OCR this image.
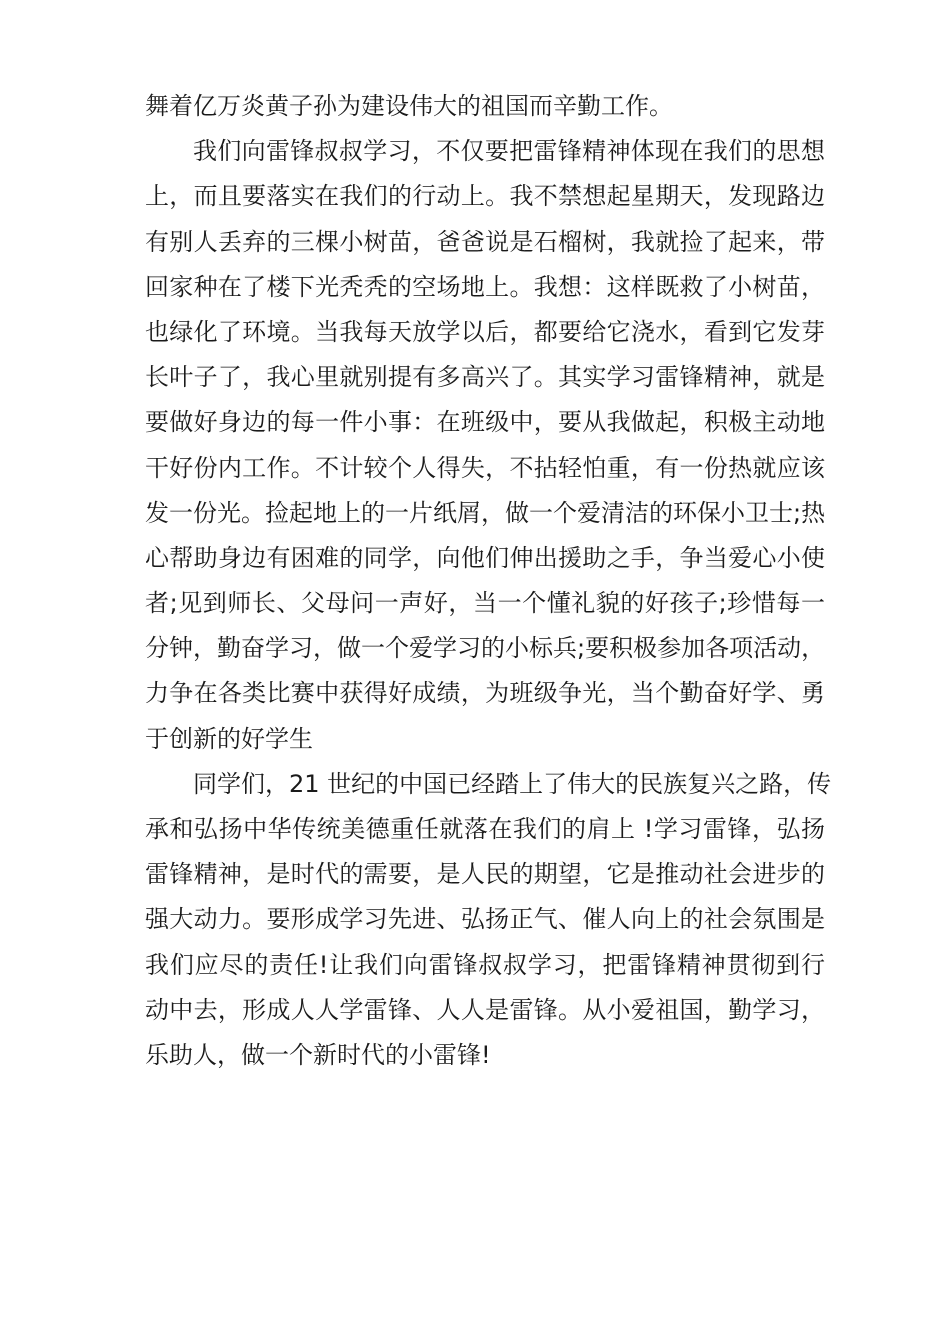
舞着亿万炎黄子孙为建设伟大的祖国而辛勤工作。
我们向雷锋叔叔学习，不仅要把雷锋精神体现在我们的思想
上，而且要落实在我们的行动上。我不禁想起星期天，发现路边
有别人丢弃的三棵小树苗，爸爸说是石榴树，我就捡了起来，带
回家种在了楼下光秃秃的空场地上。我想：这样既救了小树苗，
也绿化了环境。当我每天放学以后，都要给它浇水，看到它发芽
长叶子了，我心里就别提有多高兴了。其实学习雷锋精神，就是
要做好身边的每一件小事：在班级中，要从我做起，积极主动地
干好份内工作。不计较个人得失，不拈轻怕重，有一份热就应该
发一份光。捡起地上的一片纸屑，做一个爱清洁的环保小卫士;热
心帮助身边有困难的同学，向他们伸出援助之手，争当爱心小使
者;见到师长、父母问一声好，当一个懂礼貌的好孩子;珍惜每一
分钟，勤奋学习，做一个爱学习的小标兵;要积极参加各项活动，
力争在各类比赛中获得好成绩，为班级争光，当个勤奋好学、勇
于创新的好学生
同学们，21 世纪的中国已经踏上了伟大的民族复兴之路，传
承和弘扬中华传统美德重任就落在我们的肩上 !学习雷锋，弘扬
雷锋精神，是时代的需要，是人民的期望，它是推动社会进步的
强大动力。要形成学习先进、弘扬正气、催人向上的社会氛围是
我们应尽的责任!让我们向雷锋叔叔学习，把雷锋精神贯彻到行
动中去，形成人人学雷锋、人人是雷锋。从小爱祖国，勤学习，
乐助人，做一个新时代的小雷锋!
